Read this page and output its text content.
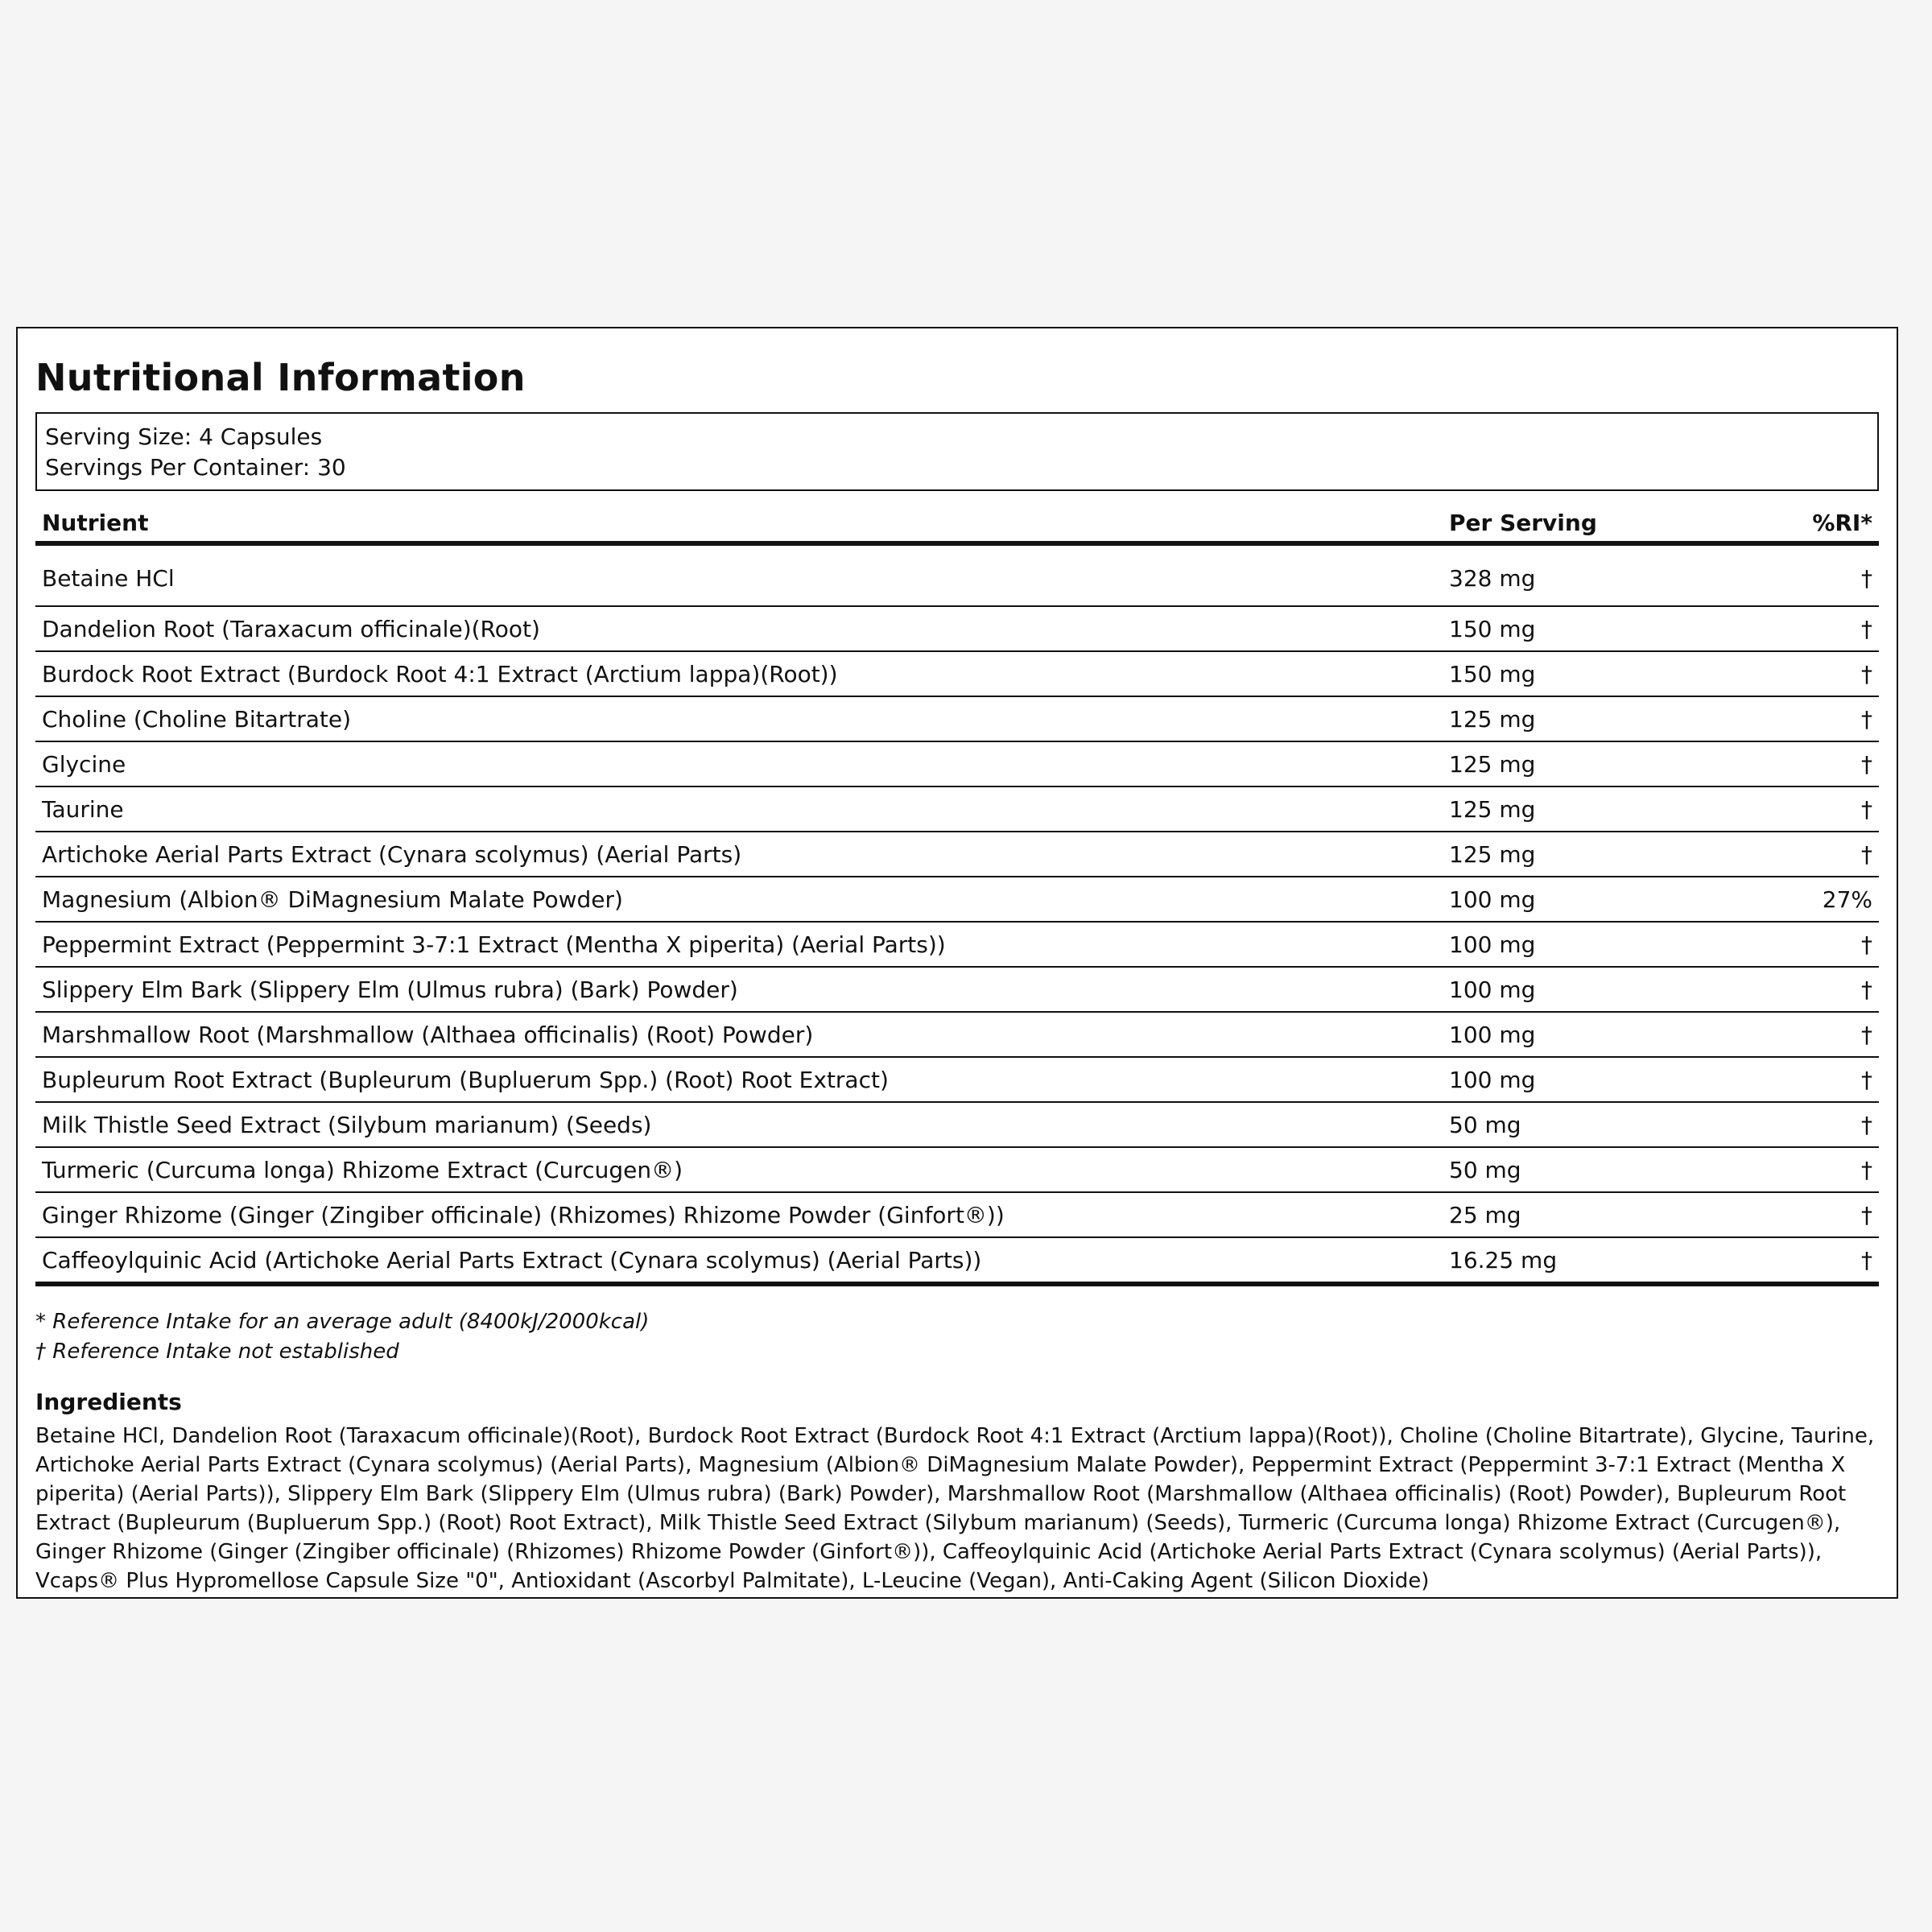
Nutritional Information
Serving Size: 4 Capsules
Servings Per Container: 30
Nutrient	Per Serving	%RI*
Betaine HCl	328 mg	†
Dandelion Root (Taraxacum officinale)(Root)	150 mg	†
Burdock Root Extract (Burdock Root 4:1 Extract (Arctium lappa)(Root))	150 mg	†
Choline (Choline Bitartrate)	125 mg	†
Glycine	125 mg	†
Taurine	125 mg	†
Artichoke Aerial Parts Extract (Cynara scolymus) (Aerial Parts)	125 mg	†
Magnesium (Albion® DiMagnesium Malate Powder)	100 mg	27%
Peppermint Extract (Peppermint 3-7:1 Extract (Mentha X piperita) (Aerial Parts))	100 mg	†
Slippery Elm Bark (Slippery Elm (Ulmus rubra) (Bark) Powder)	100 mg	†
Marshmallow Root (Marshmallow (Althaea officinalis) (Root) Powder)	100 mg	†
Bupleurum Root Extract (Bupleurum (Bupluerum Spp.) (Root) Root Extract)	100 mg	†
Milk Thistle Seed Extract (Silybum marianum) (Seeds)	50 mg	†
Turmeric (Curcuma longa) Rhizome Extract (Curcugen®)	50 mg	†
Ginger Rhizome (Ginger (Zingiber officinale) (Rhizomes) Rhizome Powder (Ginfort®))	25 mg	†
Caffeoylquinic Acid (Artichoke Aerial Parts Extract (Cynara scolymus) (Aerial Parts))	16.25 mg	†
* Reference Intake for an average adult (8400kJ/2000kcal)
† Reference Intake not established
Ingredients
Betaine HCl, Dandelion Root (Taraxacum officinale)(Root), Burdock Root Extract (Burdock Root 4:1 Extract (Arctium lappa)(Root)), Choline (Choline Bitartrate), Glycine, Taurine, Artichoke Aerial Parts Extract (Cynara scolymus) (Aerial Parts), Magnesium (Albion® DiMagnesium Malate Powder), Peppermint Extract (Peppermint 3-7:1 Extract (Mentha X piperita) (Aerial Parts)), Slippery Elm Bark (Slippery Elm (Ulmus rubra) (Bark) Powder), Marshmallow Root (Marshmallow (Althaea officinalis) (Root) Powder), Bupleurum Root Extract (Bupleurum (Bupluerum Spp.) (Root) Root Extract), Milk Thistle Seed Extract (Silybum marianum) (Seeds), Turmeric (Curcuma longa) Rhizome Extract (Curcugen®), Ginger Rhizome (Ginger (Zingiber officinale) (Rhizomes) Rhizome Powder (Ginfort®)), Caffeoylquinic Acid (Artichoke Aerial Parts Extract (Cynara scolymus) (Aerial Parts)), Vcaps® Plus Hypromellose Capsule Size "0", Antioxidant (Ascorbyl Palmitate), L-Leucine (Vegan), Anti-Caking Agent (Silicon Dioxide)
